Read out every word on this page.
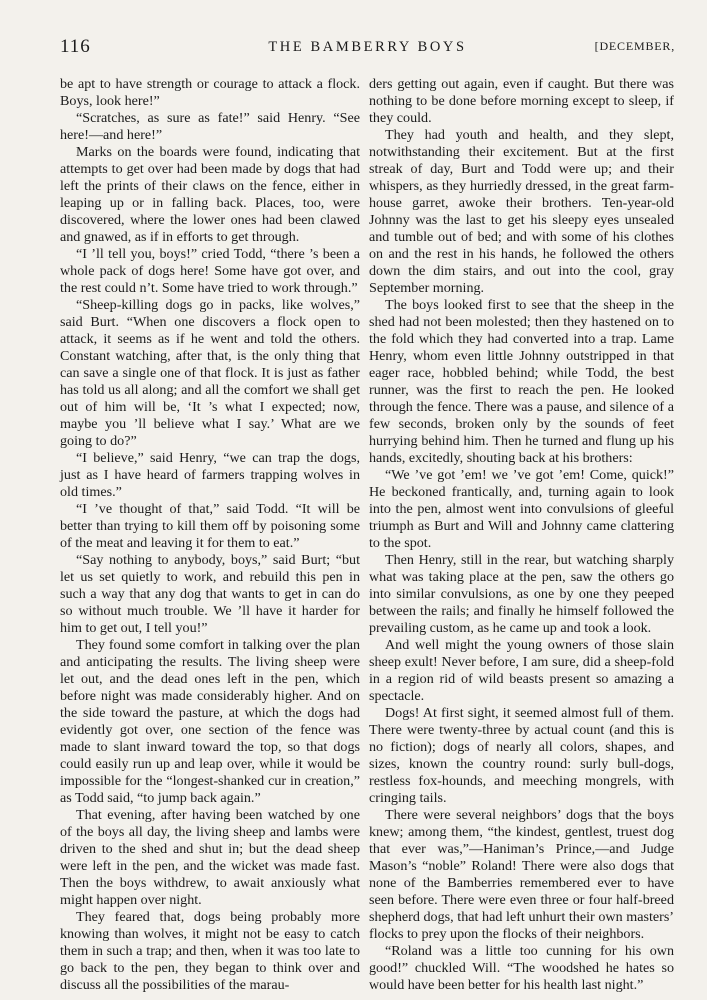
116	THE BAMBERRY BOYS	[DECEMBER,

be apt to have strength or courage to attack a flock. Boys, look here!”

“Scratches, as sure as fate!” said Henry. “See here!—and here!”

Marks on the boards were found, indicating that attempts to get over had been made by dogs that had left the prints of their claws on the fence, either in leaping up or in falling back. Places, too, were discovered, where the lower ones had been clawed and gnawed, as if in efforts to get through.

“I ’ll tell you, boys!” cried Todd, “there ’s been a whole pack of dogs here! Some have got over, and the rest could n’t. Some have tried to work through.”

“Sheep-killing dogs go in packs, like wolves,” said Burt. “When one discovers a flock open to attack, it seems as if he went and told the others. Constant watching, after that, is the only thing that can save a single one of that flock. It is just as father has told us all along; and all the comfort we shall get out of him will be, ‘It ’s what I expected; now, maybe you ’ll believe what I say.’ What are we going to do?”

“I believe,” said Henry, “we can trap the dogs, just as I have heard of farmers trapping wolves in old times.”

“I ’ve thought of that,” said Todd. “It will be better than trying to kill them off by poisoning some of the meat and leaving it for them to eat.”

“Say nothing to anybody, boys,” said Burt; “but let us set quietly to work, and rebuild this pen in such a way that any dog that wants to get in can do so without much trouble. We ’ll have it harder for him to get out, I tell you!”

They found some comfort in talking over the plan and anticipating the results. The living sheep were let out, and the dead ones left in the pen, which before night was made considerably higher. And on the side toward the pasture, at which the dogs had evidently got over, one section of the fence was made to slant inward toward the top, so that dogs could easily run up and leap over, while it would be impossible for the “longest-shanked cur in creation,” as Todd said, “to jump back again.”

That evening, after having been watched by one of the boys all day, the living sheep and lambs were driven to the shed and shut in; but the dead sheep were left in the pen, and the wicket was made fast. Then the boys withdrew, to await anxiously what might happen over night.

They feared that, dogs being probably more knowing than wolves, it might not be easy to catch them in such a trap; and then, when it was too late to go back to the pen, they began to think over and discuss all the possibilities of the marau-

ders getting out again, even if caught. But there was nothing to be done before morning except to sleep, if they could.

They had youth and health, and they slept, notwithstanding their excitement. But at the first streak of day, Burt and Todd were up; and their whispers, as they hurriedly dressed, in the great farm-house garret, awoke their brothers. Ten-year-old Johnny was the last to get his sleepy eyes unsealed and tumble out of bed; and with some of his clothes on and the rest in his hands, he followed the others down the dim stairs, and out into the cool, gray September morning.

The boys looked first to see that the sheep in the shed had not been molested; then they hastened on to the fold which they had converted into a trap. Lame Henry, whom even little Johnny outstripped in that eager race, hobbled behind; while Todd, the best runner, was the first to reach the pen. He looked through the fence. There was a pause, and silence of a few seconds, broken only by the sounds of feet hurrying behind him. Then he turned and flung up his hands, excitedly, shouting back at his brothers:

“We ’ve got ’em! we ’ve got ’em! Come, quick!” He beckoned frantically, and, turning again to look into the pen, almost went into convulsions of gleeful triumph as Burt and Will and Johnny came clattering to the spot.

Then Henry, still in the rear, but watching sharply what was taking place at the pen, saw the others go into similar convulsions, as one by one they peeped between the rails; and finally he himself followed the prevailing custom, as he came up and took a look.

And well might the young owners of those slain sheep exult! Never before, I am sure, did a sheep-fold in a region rid of wild beasts present so amazing a spectacle.

Dogs! At first sight, it seemed almost full of them. There were twenty-three by actual count (and this is no fiction); dogs of nearly all colors, shapes, and sizes, known the country round: surly bull-dogs, restless fox-hounds, and meeching mongrels, with cringing tails.

There were several neighbors’ dogs that the boys knew; among them, “the kindest, gentlest, truest dog that ever was,”—Haniman’s Prince,—and Judge Mason’s “noble” Roland! There were also dogs that none of the Bamberries remembered ever to have seen before. There were even three or four half-breed shepherd dogs, that had left unhurt their own masters’ flocks to prey upon the flocks of their neighbors.

“Roland was a little too cunning for his own good!” chuckled Will. “The woodshed he hates so would have been better for his health last night.”
